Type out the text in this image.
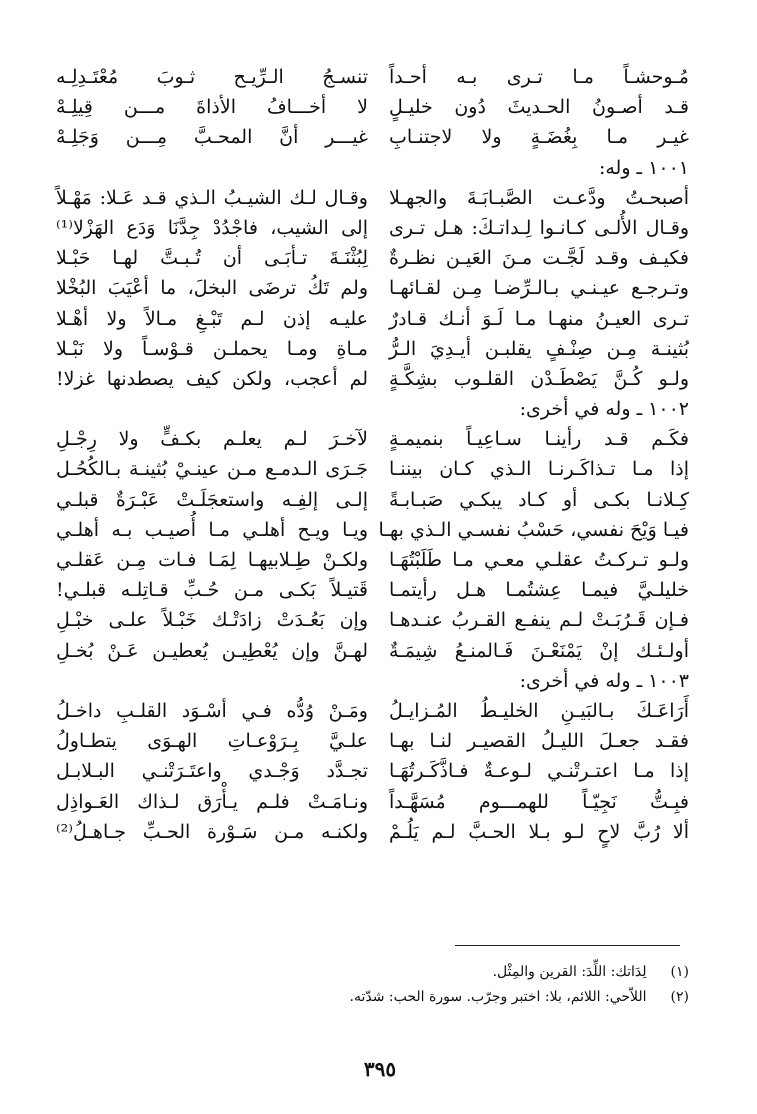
مُـوحشـاً مـا تـرى بـه أحـداً
قـد أصـونُ الحـديثَ دُون خليـلٍ
غيـر مـا بِغُضَـةٍ ولا لاجتنـابِ
١٠٠١ ـ وله:
أصبحـتُ ودَّعـت الصَّبـابَـةَ والجهـلا
وقـال الأُلـى كـانـوا لِـداتـكَ: هـل تـرى
فكيـف وقـد لَجَّـت مـنَ العَيـن نظـرةٌ
وتـرجـع عيـنـي بـالـرِّضـا مِـن لقـائهـا
تـرى العيـنُ منهـا مـا لَـوَ أنـك قـادرٌ
بُثينـة مِـن صِنْـفٍ يقلبـن أيـدِيَ الـرُّ
ولـو كُـنَّ يَصْطَـدْن القلـوب بشِكَّـةٍ
١٠٠٢ ـ وله في أخرى:
فكَـم قـد رأينـا سـاعِيـاً بنميمـةٍ
إذا مـا تـذاكَـرنـا الـذي كـان بيننـا
كِـلانـا بكـى أو كـاد يبكـي صَبـابـةً
فيـا وَيْحَ نفسي، حَسْبُ نفسـي الـذي بهـا
ولـو تـركـتُ عقلـي معـي مـا طَلَبْتُهَـا
خليلـيَّ فيمـا عِشتُمـا هـل رأيتمـا
فـإن قَـرُبَـتْ لـم ينفـع القـربُ عنـدهـا
أولـئـك إنْ يَمْنَعْـنَ فَـالمنـعُ شِيمَـةٌ
١٠٠٣ ـ وله في أخرى:
أَرَاعَـكَ بـالبَيـنِ الخليـطُ المُـزايـلُ
فقـد جعـلَ الليـلُ القصيـر لنـا بهـا
إذا مـا اعتـرتْنـي لـوعـةٌ فـاذَّكَـرتُهَـا
فبِـتُّ نَجِيّـاً للهمـــوم مُسَهَّـداً
ألا رُبَّ لاحٍ لـو بـلا الحـبَّ لـم يَلُـمْ
تنسـجُ الـرِّيـح ثـوبَ مُعْتَـدِلِـه
لا أخـــافُ الأذاةَ مـــن قِيلِـهْ
غيـــر أنَّ المحـبَّ مِـــن وَجَلِـهْ
وقـال لـك الشيـبُ الـذي قـد عَـلا: مَهْـلاً
إلى الشيب، فاجْدُدْ جِدَّنَا وَدَع الهَزْلا⁽¹⁾
لِبُثْنَـةَ تـأبَـى أن تُـبـتَّ لهـا حَبْـلا
ولم تَكُ ترضَى البخلَ، ما أعْيَبَ البُخْلا
عليـه إذن لـم تَبْـغِ مـالاً ولا أهْـلا
مـاةِ ومـا يحملـن قـوْسـاً ولا نَبْـلا
لم أعجب، ولكن كيف يصطدنها غزلا!
لآخـرَ لـم يعلـم بكـفٍّ ولا رِجْـلِ
جَـرَى الـدمـع مـن عينـيْ بُثينـة بـالكُحُـل
إلـى إلفِـه واستعجَلَـتْ عَبْـرَةٌ قبلـي
ويـا ويـح أهلـي مـا أُصيـب بـه أهلـي
ولكـنْ طِـلابيهـا لِمَـا فـات مِـن عَقلـي
قَتيـلاً بَكـى مـن حُـبِّ قـاتِلـه قبلـي!
وإن بَعُـدَتْ زادَتْـك خَبْـلاً علـى خبْـلِ
لهـنَّ وإن يُعْطِيـن يُعطيـن عَـنْ بُخـلِ
ومَـنْ وُدُّه فـي أسْـوَد القلـبِ داخـلُ
علـيَّ بِـرَوْعـاتِ الهـوَى يتطـاولُ
تجـدَّد وَجْـدي واعتَـرَتْنـي البـلابـل
ونـامَـتْ فلـم يـأْرَق لـذاك العَـواذِل
ولكنـه مـن سَـوْرة الحـبِّ جـاهـلُ⁽²⁾
(١) لِدَاتك: اللِّدَ: القرين والمِثْل.
(٢) اللاّحي: اللائم، بلا: اختبر وجرّب. سورة الحب: شدّته.
٣٩٥
